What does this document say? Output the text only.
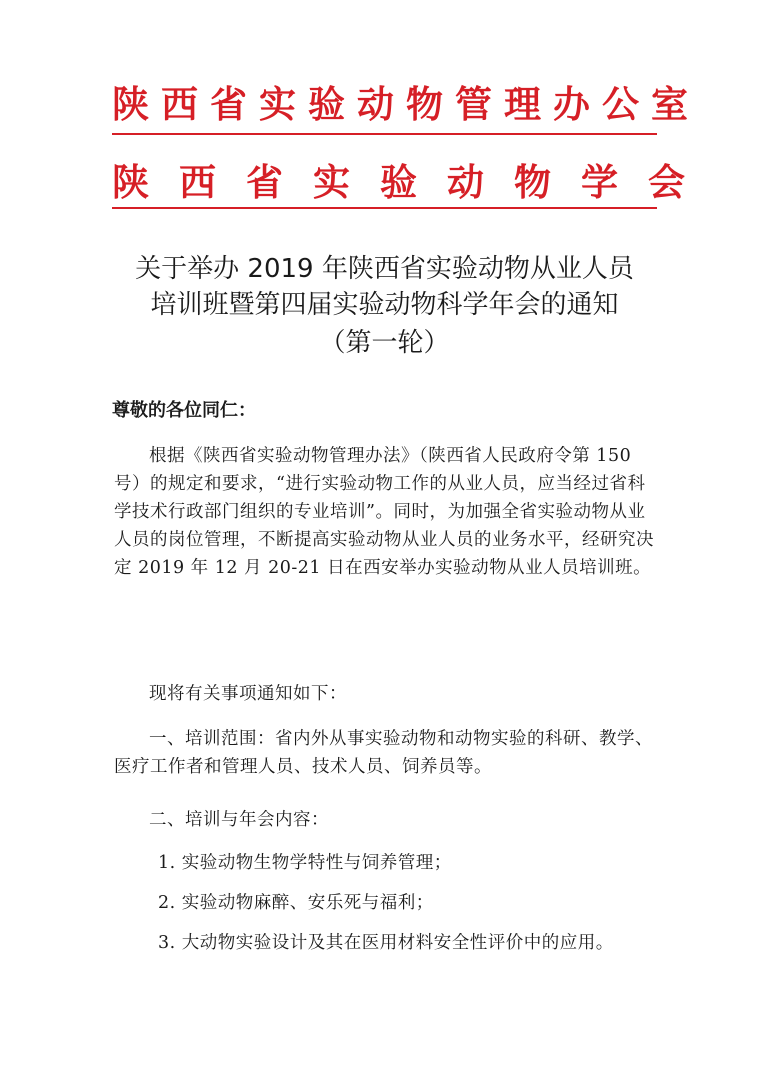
陕西省实验动物管理办公室
陕西省实验动物学会
关于举办 2019 年陕西省实验动物从业人员
培训班暨第四届实验动物科学年会的通知
（第一轮）
尊敬的各位同仁：

根据《陕西省实验动物管理办法》（陕西省人民政府令第 150 号）的规定和要求，“进行实验动物工作的从业人员，应当经过省科学技术行政部门组织的专业培训”。同时，为加强全省实验动物从业人员的岗位管理，不断提高实验动物从业人员的业务水平，经研究决定 2019 年 12 月 20-21 日在西安举办实验动物从业人员培训班。

现将有关事项通知如下：

一、培训范围：省内外从事实验动物和动物实验的科研、教学、医疗工作者和管理人员、技术人员、饲养员等。

二、培训与年会内容：

1. 实验动物生物学特性与饲养管理；

2. 实验动物麻醉、安乐死与福利；

3. 大动物实验设计及其在医用材料安全性评价中的应用。
